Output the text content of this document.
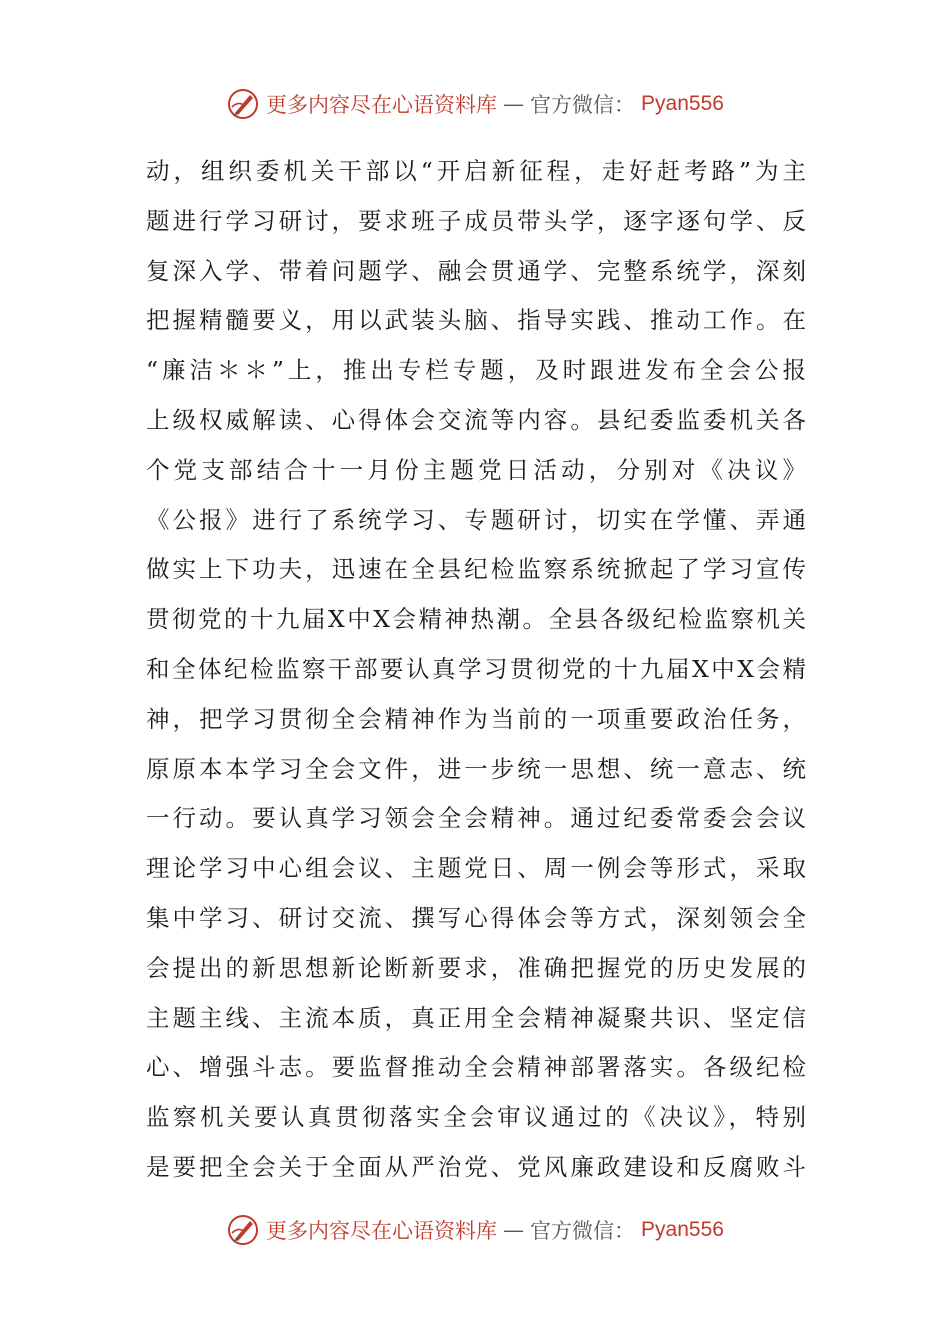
更多内容尽在心语资料库 — 官方微信： Pyan556
动，组织委机关干部以“开启新征程，走好赶考路”为主
题进行学习研讨，要求班子成员带头学，逐字逐句学、反
复深入学、带着问题学、融会贯通学、完整系统学，深刻
把握精髓要义，用以武装头脑、指导实践、推动工作。在
“廉洁＊＊”上，推出专栏专题，及时跟进发布全会公报
上级权威解读、心得体会交流等内容。县纪委监委机关各
个党支部结合十一月份主题党日活动，分别对《决议》
《公报》进行了系统学习、专题研讨，切实在学懂、弄通
做实上下功夫，迅速在全县纪检监察系统掀起了学习宣传
贯彻党的十九届X中X会精神热潮。全县各级纪检监察机关
和全体纪检监察干部要认真学习贯彻党的十九届X中X会精
神，把学习贯彻全会精神作为当前的一项重要政治任务，
原原本本学习全会文件，进一步统一思想、统一意志、统
一行动。要认真学习领会全会精神。通过纪委常委会会议
理论学习中心组会议、主题党日、周一例会等形式，采取
集中学习、研讨交流、撰写心得体会等方式，深刻领会全
会提出的新思想新论断新要求，准确把握党的历史发展的
主题主线、主流本质，真正用全会精神凝聚共识、坚定信
心、增强斗志。要监督推动全会精神部署落实。各级纪检
监察机关要认真贯彻落实全会审议通过的《决议》，特别
是要把全会关于全面从严治党、党风廉政建设和反腐败斗
更多内容尽在心语资料库 — 官方微信： Pyan556
